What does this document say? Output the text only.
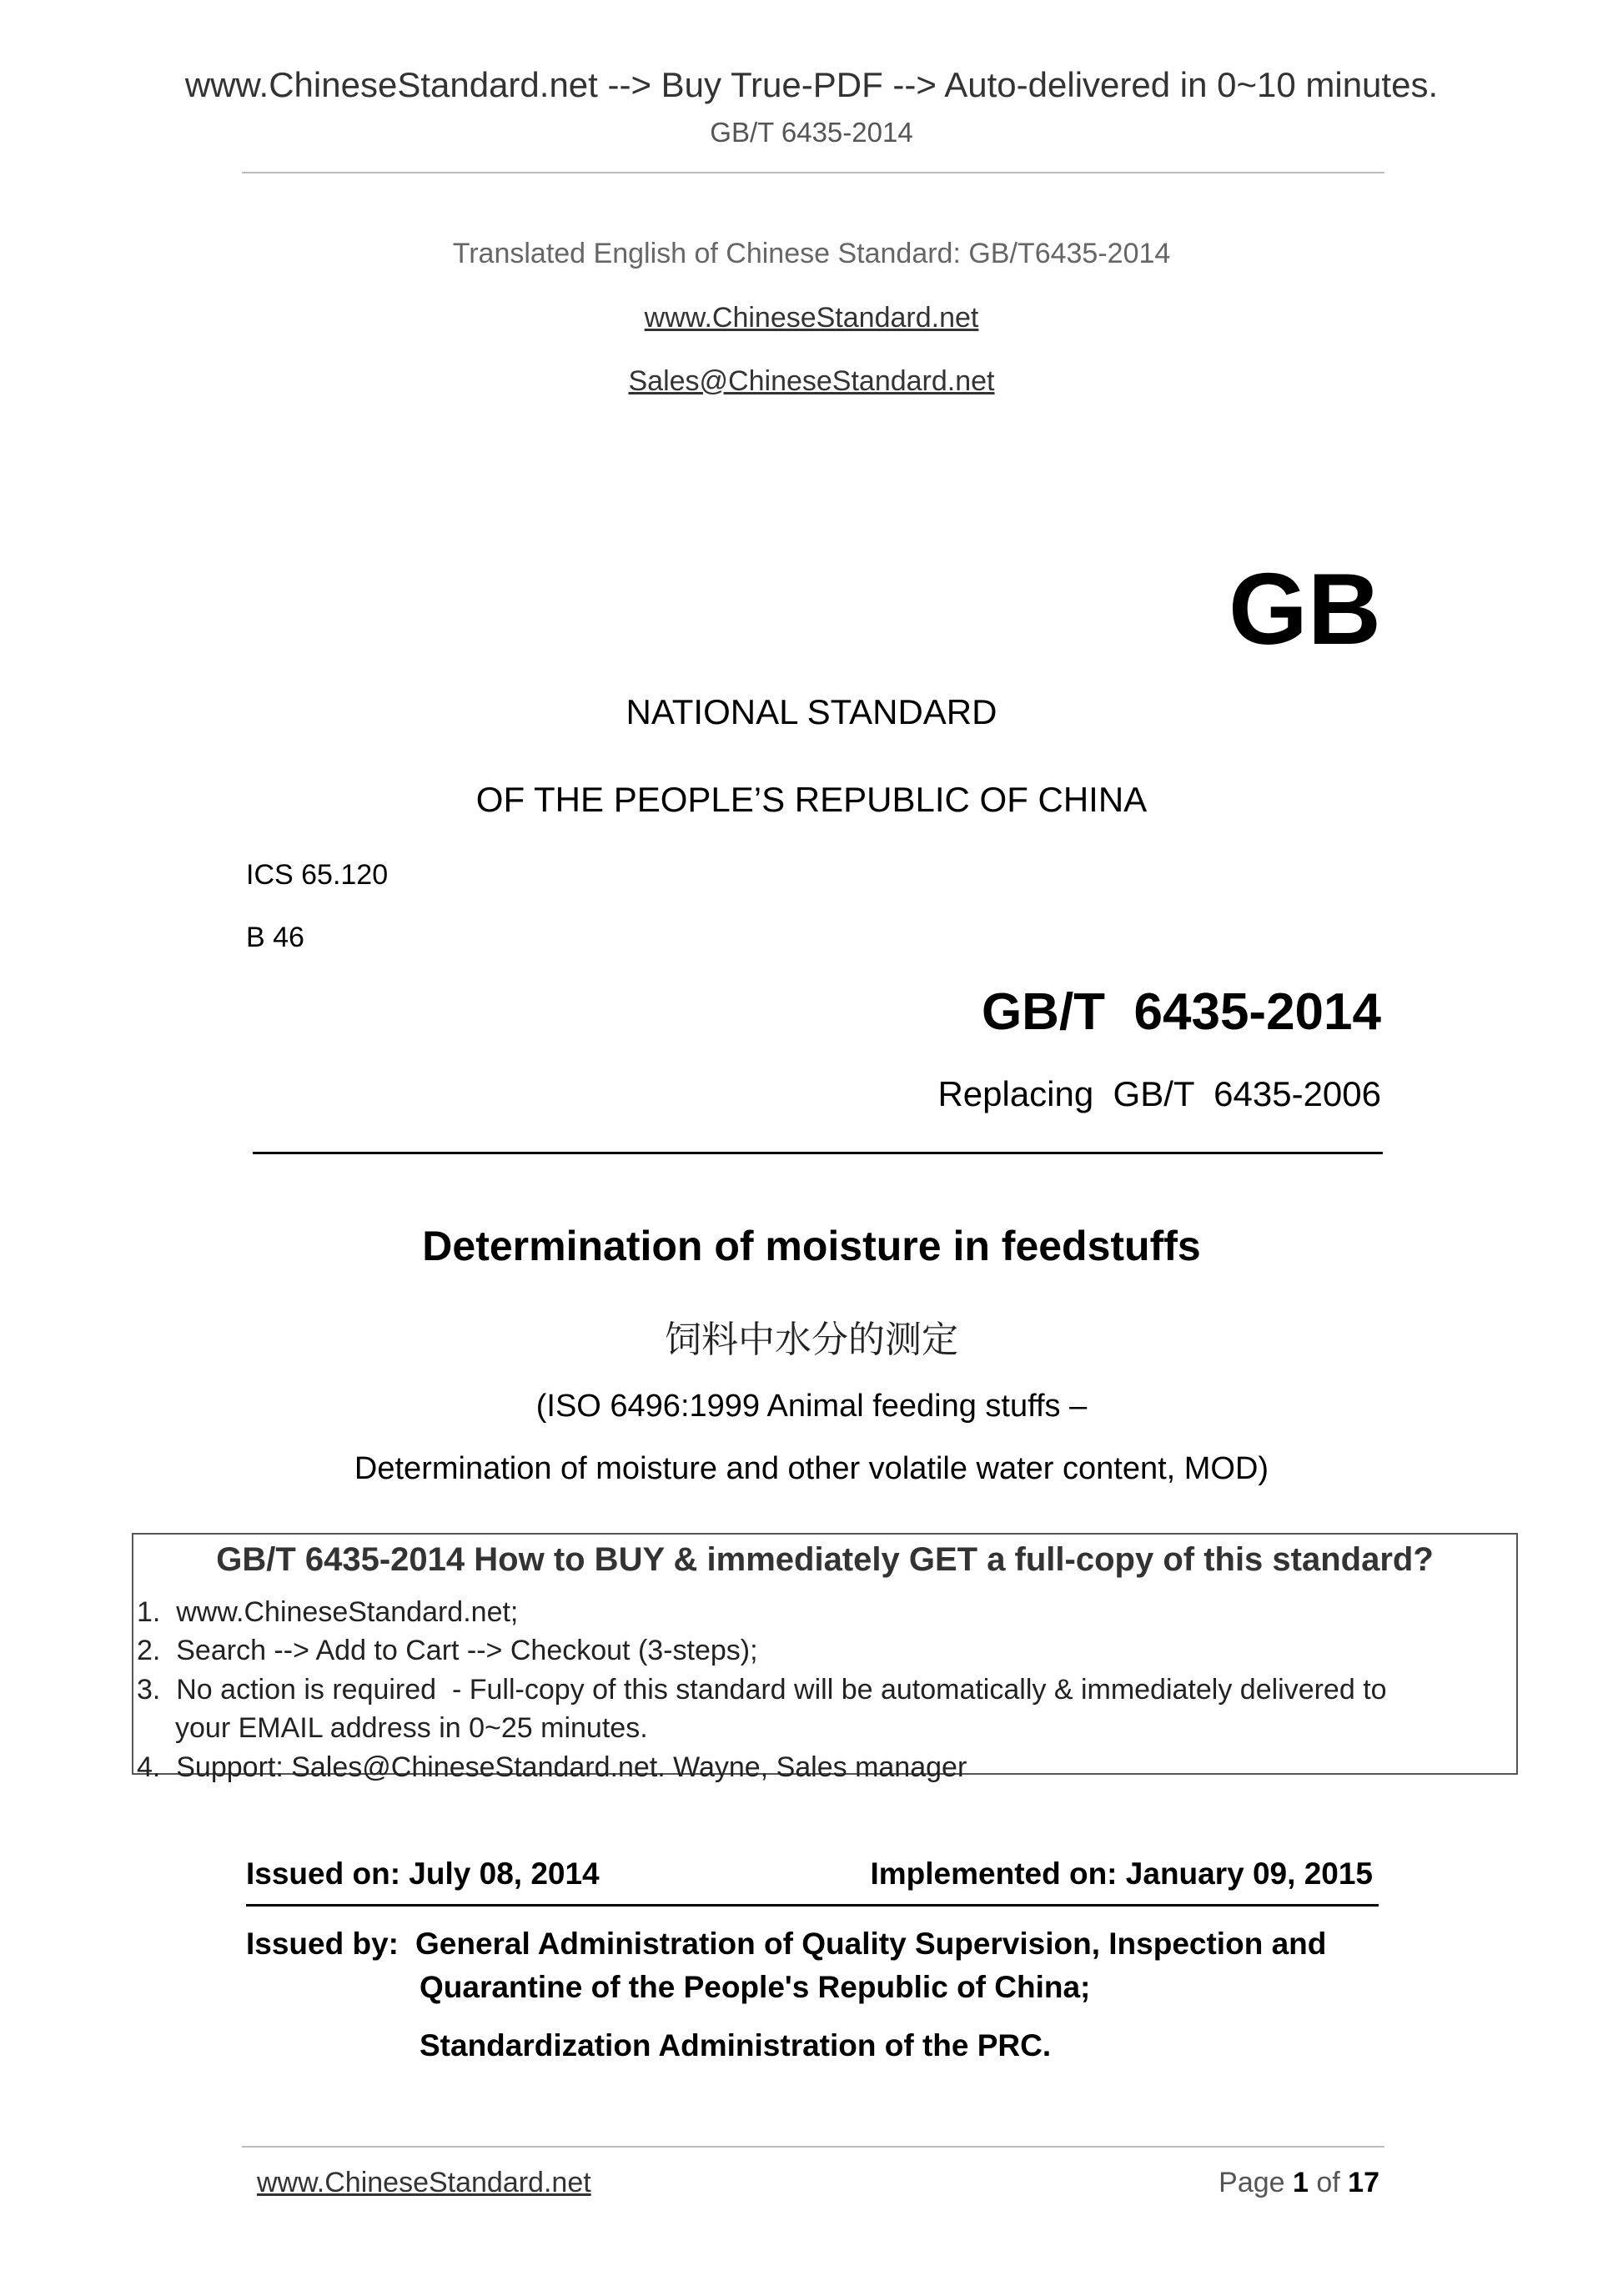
www.ChineseStandard.net --> Buy True-PDF --> Auto-delivered in 0~10 minutes.
GB/T 6435-2014
Translated English of Chinese Standard: GB/T6435-2014
www.ChineseStandard.net
Sales@ChineseStandard.net
GB
NATIONAL STANDARD
OF THE PEOPLE’S REPUBLIC OF CHINA
ICS 65.120
B 46
GB/T  6435-2014
Replacing  GB/T  6435-2006
Determination of moisture in feedstuffs
饲料中水分的测定
(ISO 6496:1999 Animal feeding stuffs –
Determination of moisture and other volatile water content, MOD)
GB/T 6435-2014 How to BUY & immediately GET a full-copy of this standard?
1.  www.ChineseStandard.net;
2.  Search --> Add to Cart --> Checkout (3-steps);
3.  No action is required  - Full-copy of this standard will be automatically & immediately delivered to
your EMAIL address in 0~25 minutes.
4.  Support: Sales@ChineseStandard.net. Wayne, Sales manager
Issued on: July 08, 2014	Implemented on: January 09, 2015
Issued by: General Administration of Quality Supervision, Inspection and
Quarantine of the People's Republic of China;
Standardization Administration of the PRC.
www.ChineseStandard.net	Page 1 of 17
